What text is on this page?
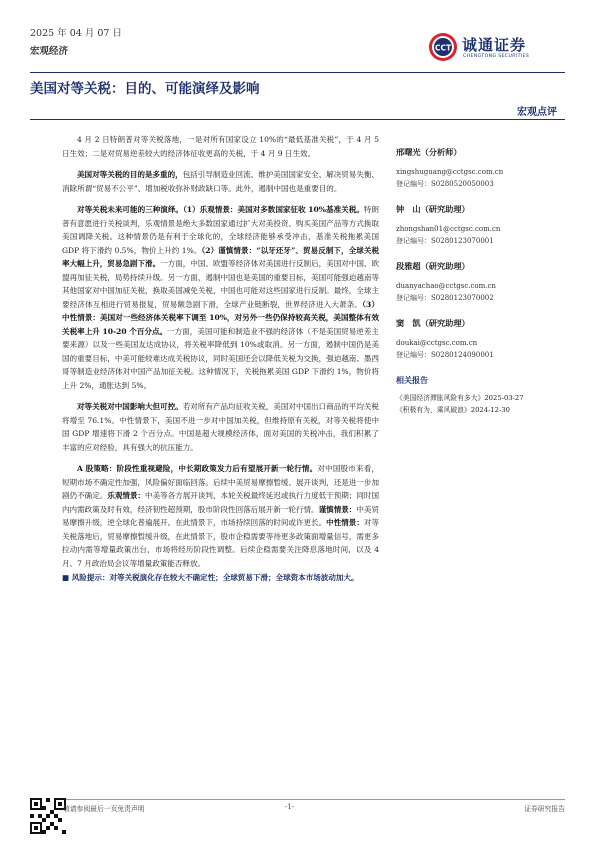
2025 年 04 月 07 日
宏观经济	CCT 诚通证券
CHENGTONG SECURITIES
美国对等关税：目的、可能演绎及影响
宏观点评

4 月 2 日特朗普对等关税落地，一是对所有国家设立 10%的“最低基准关税”，于 4 月 5 日生效；二是对贸易逆差较大的经济体征收更高的关税，于 4 月 9 日生效。

美国对等关税的目的是多重的，包括引导制造业回流、维护美国国家安全、解决贸易失衡、消除所谓“贸易不公平”、增加税收弥补财政缺口等。此外，遏制中国也是重要目的。

对等关税未来可能的三种演绎。（1）乐观情景：美国对多数国家征收 10%基准关税。特朗普有意愿进行关税谈判，乐观情景是绝大多数国家通过扩大对美投资、购买美国产品等方式换取美国调降关税。这种情景仍是有利于全球化的，全球经济能够承受冲击，基准关税拖累美国 GDP 将下滑约 0.5%，物价上升约 1%。（2）谨慎情景：“以牙还牙”、贸易反制下，全球关税率大幅上升，贸易急剧下滑。一方面，中国、欧盟等经济体对美国进行反制后，美国对中国、欧盟再加征关税，局势持续升级。另一方面，遏制中国也是美国的重要目标，美国可能强迫越南等其他国家对中国加征关税，换取美国减免关税，中国也可能对这些国家进行反制。最终，全球主要经济体互相进行贸易报复，贸易额急剧下滑，全球产业链断裂，世界经济进入大萧条。（3）中性情景：美国对一些经济体关税率下调至 10%，对另外一些仍保持较高关税，美国整体有效关税率上升 10-20 个百分点。一方面，美国可能和制造业不强的经济体（不是美国贸易逆差主要来源）以及一些美国友达成协议，将关税率降低到 10%或取消。另一方面，遏制中国仍是美国的重要目标，中美可能较难达成关税协议，同时美国还会以降低关税为交换，强迫越南、墨西哥等制造业经济体对中国产品加征关税。这种情况下，关税拖累美国 GDP 下滑约 1%，物价将上升 2%，通胀达到 5%。

对等关税对中国影响大但可控。若对所有产品均征收关税，美国对中国出口商品的平均关税将增至 76.1%。中性情景下，美国不进一步对中国加关税，但维持原有关税，对等关税将使中国 GDP 增速将下滑 2 个百分点。中国是超大规模经济体，面对美国的关税冲击，我们积累了丰富的应对经验，具有强大的抗压能力。

A 股策略：阶段性重视避险，中长期政策发力后有望展开新一轮行情。对中国股市来看，短期市场不确定性加强，风险偏好面临回落。后续中美贸易摩擦暂缓、展开谈判，还是进一步加剧仍不确定。乐观情景：中美等各方展开谈判，本轮关税最终延迟或执行力度低于预期；同时国内内需政策及时有效，经济韧性超预期，股市阶段性回落后展开新一轮行情。谨慎情景：中美贸易摩擦升级，逆全球化普遍展开。在此情景下，市场持续回落的时间或许更长。中性情景：对等关税落地后，贸易摩擦暂缓升级，在此情景下，股市企稳需要等待更多政策面增量信号，需更多拉动内需等增量政策出台，市场将经历阶段性调整。后续企稳需要关注降息落地时间，以及 4 月、7 月政治局会议等增量政策能否释放。

■ 风险提示：对等关税演化存在较大不确定性；全球贸易下滑；全球资本市场波动加大。

邢曙光（分析师）
xingshuguang@cctgsc.com.cn
登记编号：S0280520050003
钟　山（研究助理）
zhongshan01@cctgsc.com.cn
登记编号：S0280123070001
段雅超（研究助理）
duanyachao@cctgsc.com.cn
登记编号：S0280123070002
窦　凯（研究助理）
doukai@cctgsc.com.cn
登记编号：S0280124090001
相关报告
《美国经济滞胀风险有多大》2025-03-27
《积极有为，乘风破浪》2024-12-30
敬请参阅最后一页免责声明	-1-	证券研究报告
